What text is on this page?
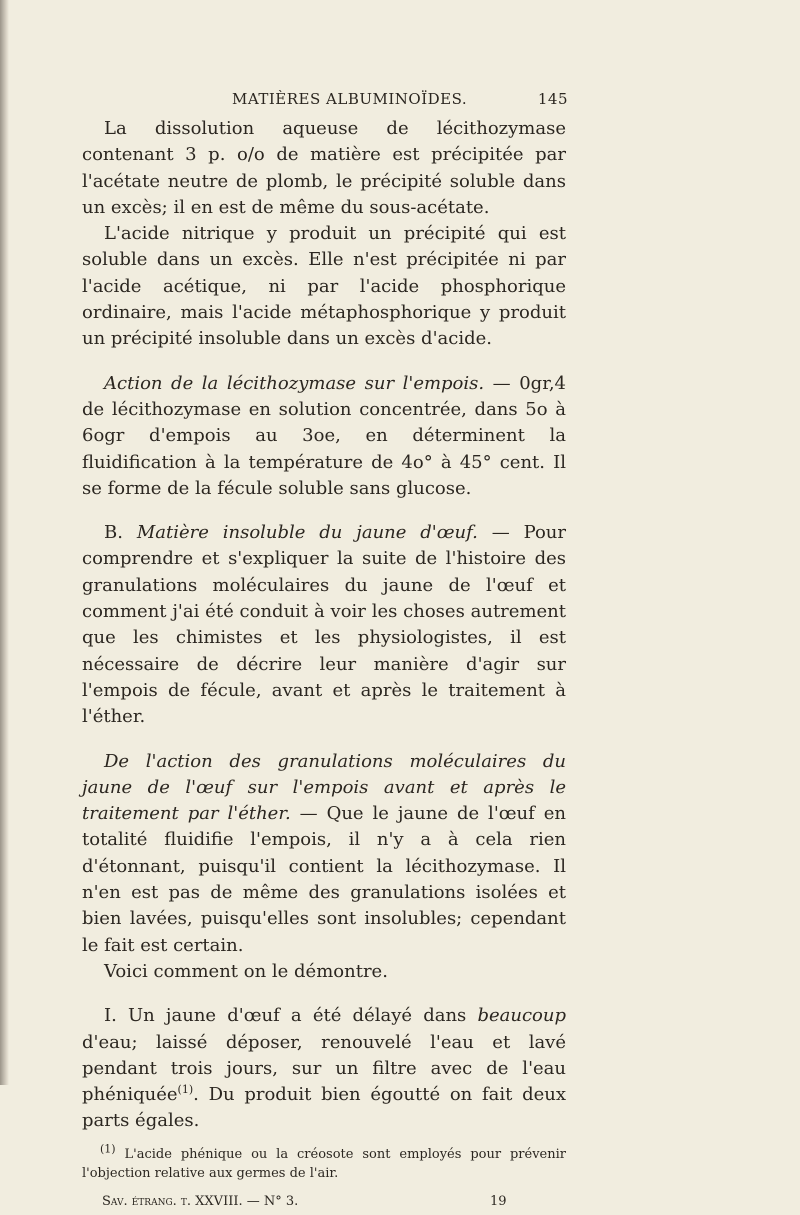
MATIÈRES ALBUMINOÏDES.	145

La dissolution aqueuse de lécithozymase contenant 3 p. o/o de matière est précipitée par l'acétate neutre de plomb, le précipité soluble dans un excès; il en est de même du sous-acétate.

L'acide nitrique y produit un précipité qui est soluble dans un excès. Elle n'est précipitée ni par l'acide acétique, ni par l'acide phosphorique ordinaire, mais l'acide métaphosphorique y produit un précipité insoluble dans un excès d'acide.

Action de la lécithozymase sur l'empois. — 0gr,4 de lécithozymase en solution concentrée, dans 5o à 6ogr d'empois au 3oe, en déterminent la fluidification à la température de 4o° à 45° cent. Il se forme de la fécule soluble sans glucose.

B. Matière insoluble du jaune d'œuf. — Pour comprendre et s'expliquer la suite de l'histoire des granulations moléculaires du jaune de l'œuf et comment j'ai été conduit à voir les choses autrement que les chimistes et les physiologistes, il est nécessaire de décrire leur manière d'agir sur l'empois de fécule, avant et après le traitement à l'éther.

De l'action des granulations moléculaires du jaune de l'œuf sur l'empois avant et après le traitement par l'éther. — Que le jaune de l'œuf en totalité fluidifie l'empois, il n'y a à cela rien d'étonnant, puisqu'il contient la lécithozymase. Il n'en est pas de même des granulations isolées et bien lavées, puisqu'elles sont insolubles; cependant le fait est certain.

Voici comment on le démontre.

I. Un jaune d'œuf a été délayé dans beaucoup d'eau; laissé déposer, renouvelé l'eau et lavé pendant trois jours, sur un filtre avec de l'eau phéniquée$^{(1)}$. Du produit bien égoutté on fait deux parts égales.

$^{(1)}$ L'acide phénique ou la créosote sont employés pour prévenir l'objection relative aux germes de l'air.

Sav. étrang. t. XXVIII. — N° 3.	19
